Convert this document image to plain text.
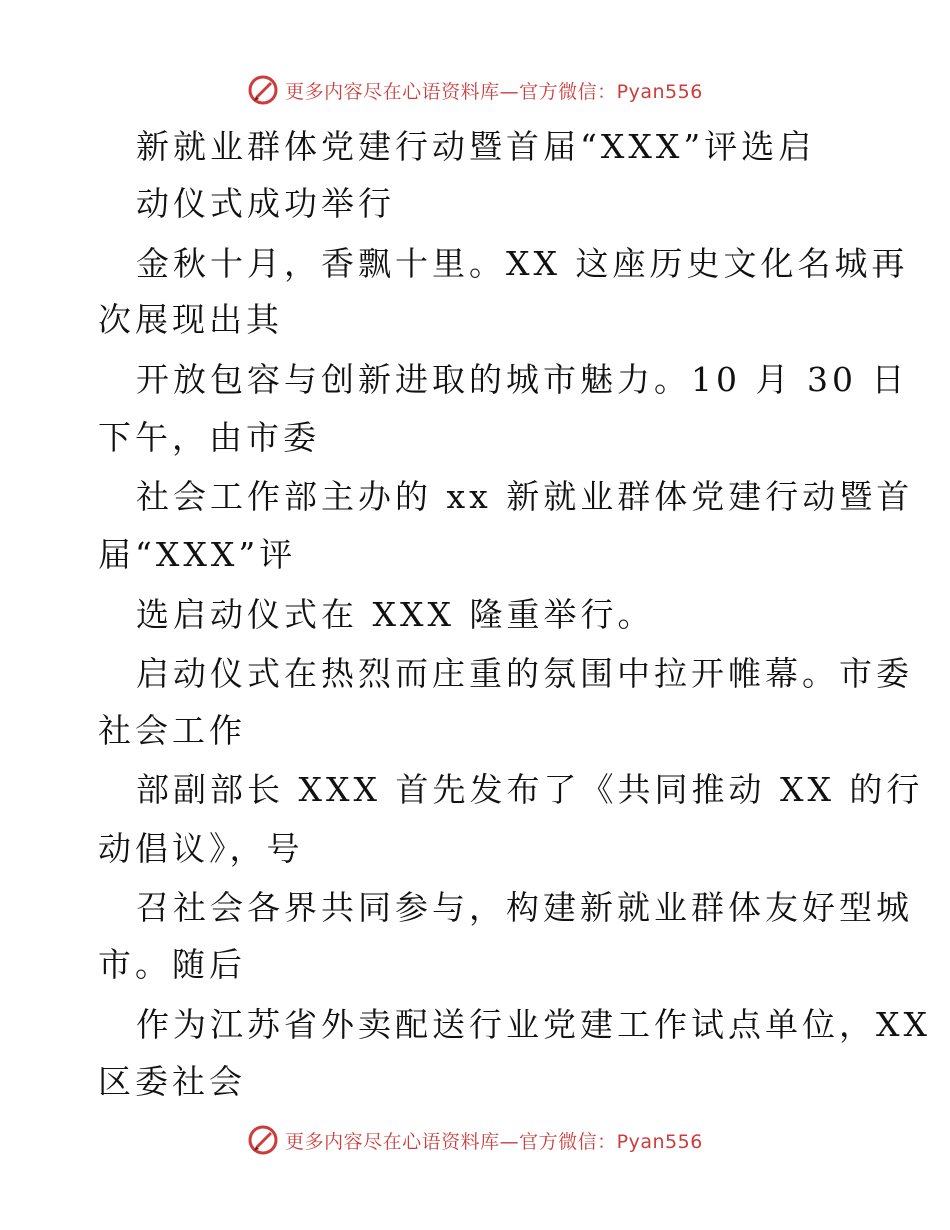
更多内容尽在心语资料库—官方微信：Pyan556
新就业群体党建行动暨首届“XXX”评选启
动仪式成功举行
金秋十月，香飘十里。XX 这座历史文化名城再
次展现出其
开放包容与创新进取的城市魅力。10 月 30 日
下午，由市委
社会工作部主办的 xx 新就业群体党建行动暨首
届“XXX”评
选启动仪式在 XXX 隆重举行。
启动仪式在热烈而庄重的氛围中拉开帷幕。市委
社会工作
部副部长 XXX 首先发布了《共同推动 XX 的行
动倡议》，号
召社会各界共同参与，构建新就业群体友好型城
市。随后
作为江苏省外卖配送行业党建工作试点单位，XX
区委社会
更多内容尽在心语资料库—官方微信：Pyan556
